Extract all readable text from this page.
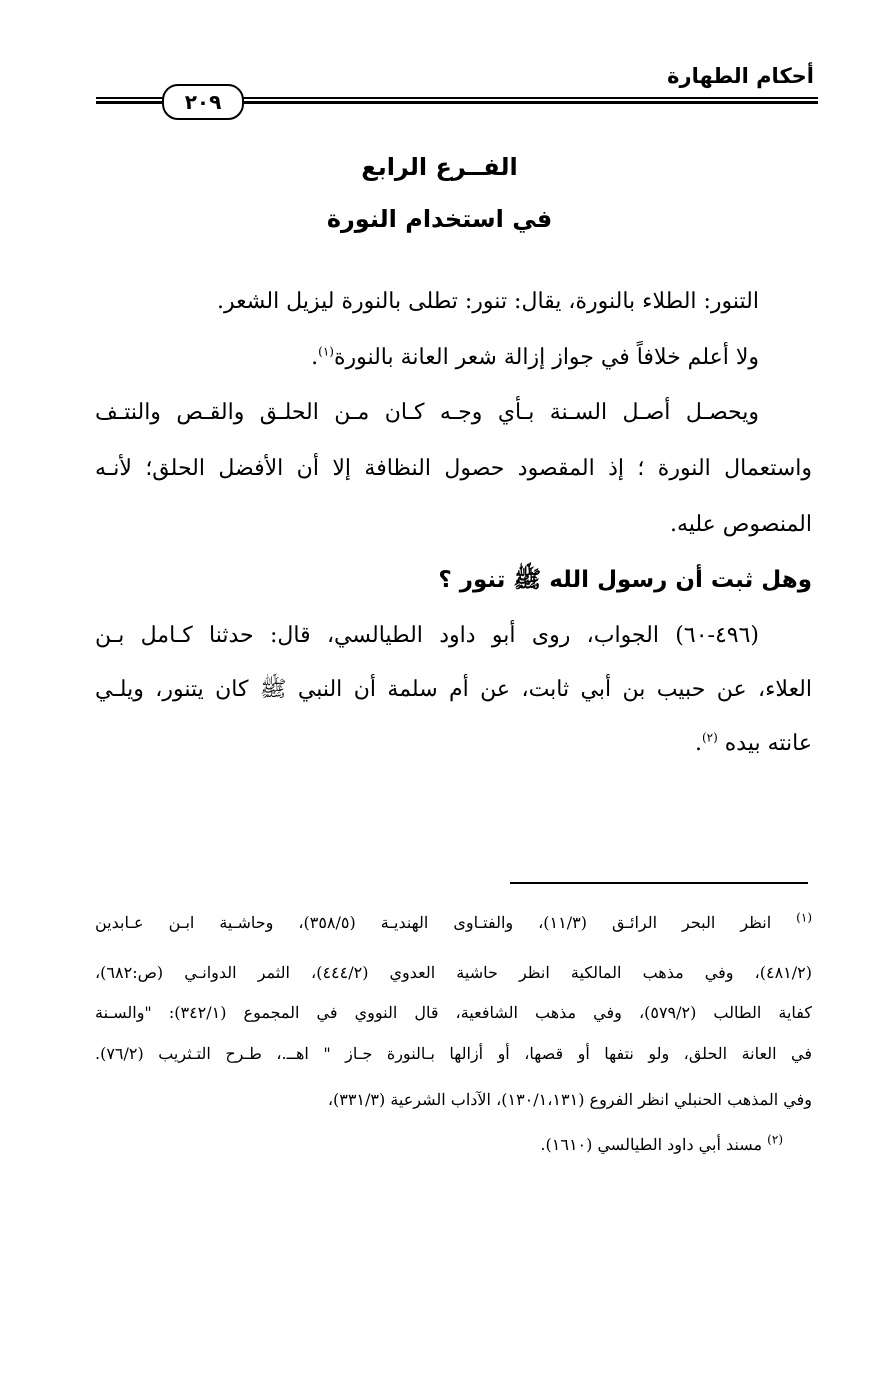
أحكام الطهارة
٢٠٩
الفــرع الرابع
في استخدام النورة
التنور: الطلاء بالنورة، يقال: تنور: تطلى بالنورة ليزيل الشعر.
ولا أعلم خلافاً في جواز إزالة شعر العانة بالنورة$^{(١)}$.
ويحصـل أصـل السـنة بـأي وجـه كـان مـن الحلـق والقـص والنتـف
واستعمال النورة ؛ إذ المقصود حصول النظافة إلا أن الأفضل الحلق؛ لأنـه
المنصوص عليه.
وهل ثبت أن رسول الله ﷺ تنور ؟
(٤٩٦-٦٠) الجواب، روى أبو داود الطيالسي، قال: حدثنا كـامل بـن
العلاء، عن حبيب بن أبي ثابت، عن أم سلمة أن النبي ﷺ كان يتنور، ويلـي
عانته بيده $^{(٢)}$.
$^{(١)}$ انظر البحر الرائـق (١١/٣)، والفتـاوى الهنديـة (٣٥٨/٥)، وحاشـية ابـن عـابدين
(٤٨١/٢)، وفي مذهب المالكية انظر حاشية العدوي (٤٤٤/٢)، الثمر الدوانـي (ص:٦٨٢)،
كفاية الطالب (٥٧٩/٢)، وفي مذهب الشافعية، قال النووي في المجموع (٣٤٢/١): "والسـنة
في العانة الحلق، ولو نتفها أو قصها، أو أزالها بـالنورة جـاز " اهــ.، طـرح التـثريب (٧٦/٢).
وفي المذهب الحنبلي انظر الفروع (١٣٠/١،١٣١)، الآداب الشرعية (٣٣١/٣)،
$^{(٢)}$ مسند أبي داود الطيالسي (١٦١٠).
